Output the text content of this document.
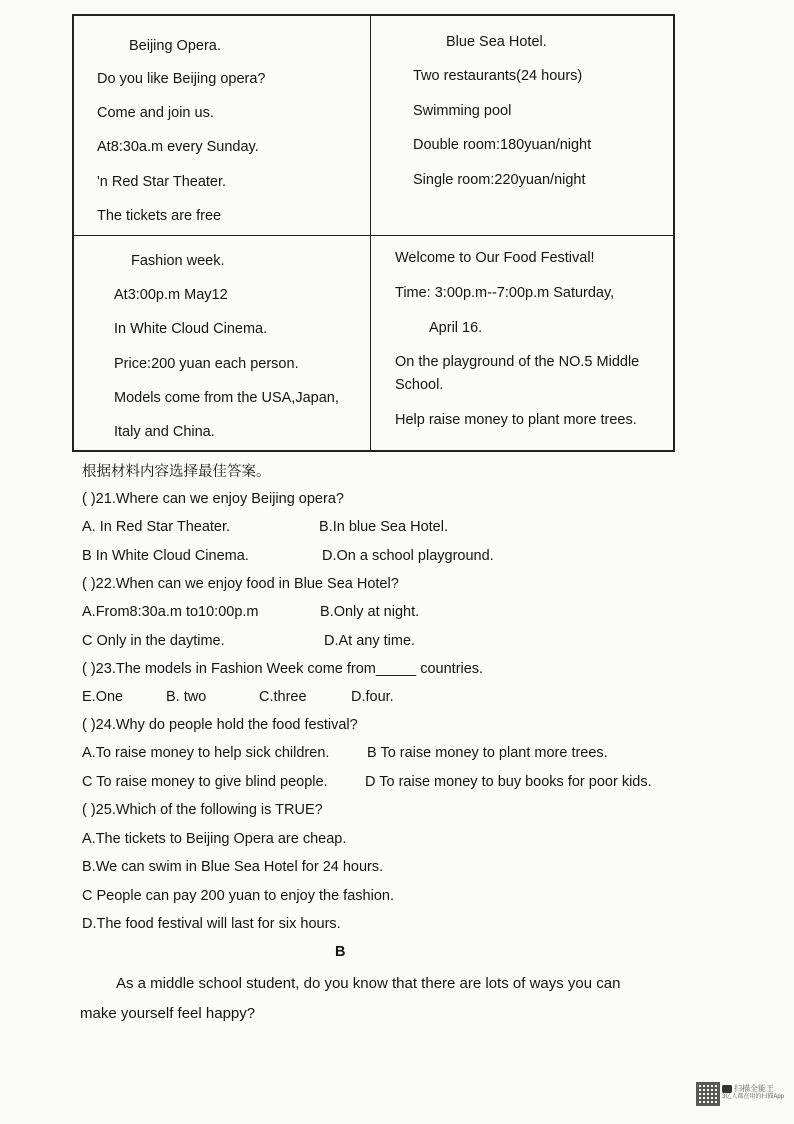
Beijing Opera.
Do you like Beijing opera?
Come and join us.
At8:30a.m every Sunday.
'n Red Star Theater.
The tickets are free
Blue Sea Hotel.
Two restaurants(24 hours)
Swimming pool
Double room:180yuan/night
Single room:220yuan/night
Fashion week.
At3:00p.m May12
In White Cloud Cinema.
Price:200 yuan each person.
Models come from the USA,Japan,
Italy and China.
Welcome to Our Food Festival!
Time: 3:00p.m--7:00p.m Saturday,
April 16.
On the playground of the NO.5 Middle
School.
Help raise money to plant more trees.
根据材料内容选择最佳答案。
( )21.Where can we enjoy Beijing opera?
A. In Red Star Theater.	B.In blue Sea Hotel.
B In White Cloud Cinema.	D.On a school playground.
( )22.When can we enjoy food in Blue Sea Hotel?
A.From8:30a.m to10:00p.m	B.Only at night.
C Only in the daytime.	D.At any time.
( )23.The models in Fashion Week come from_____ countries.
E.One	B. two	C.three	D.four.
( )24.Why do people hold the food festival?
A.To raise money to help sick children.	B To raise money to plant more trees.
C To raise money to give blind people.	D To raise money to buy books for poor kids.
( )25.Which of the following is TRUE?
A.The tickets to Beijing Opera are cheap.
B.We can swim in Blue Sea Hotel for 24 hours.
C People can pay 200 yuan to enjoy the fashion.
D.The food festival will last for six hours.
B
As a middle school student, do you know that there are lots of ways you can
make yourself feel happy?
扫描全能王
3亿人都在用的扫描App
